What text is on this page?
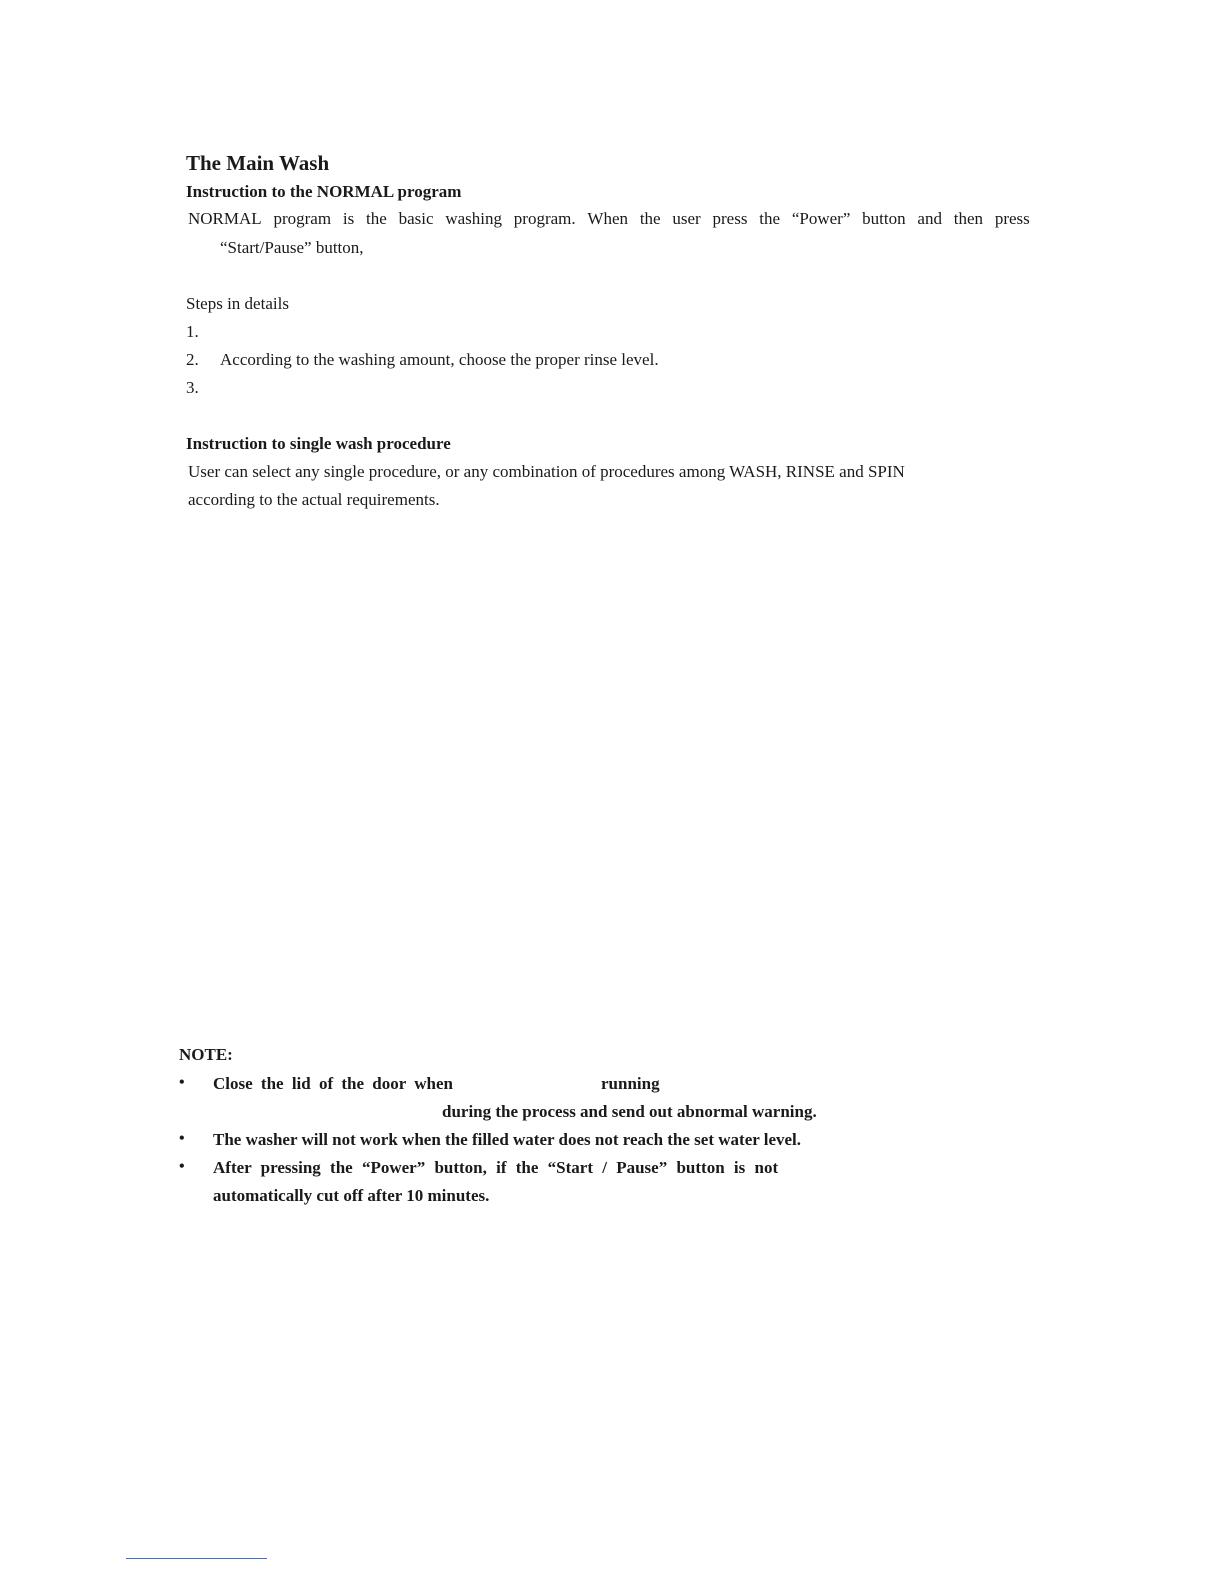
The Main Wash
Instruction to the NORMAL program
NORMAL program is the basic washing program. When the user press the “Power” button and then press
“Start/Pause” button,
Steps in details
1.
2. According to the washing amount, choose the proper rinse level.
3.
Instruction to single wash procedure
User can select any single procedure, or any combination of procedures among WASH, RINSE and SPIN
according to the actual requirements.
NOTE:
• Close the lid of the door when	running
during the process and send out abnormal warning.
• The washer will not work when the filled water does not reach the set water level.
• After pressing the “Power” button, if the “Start / Pause” button is not
automatically cut off after 10 minutes.
